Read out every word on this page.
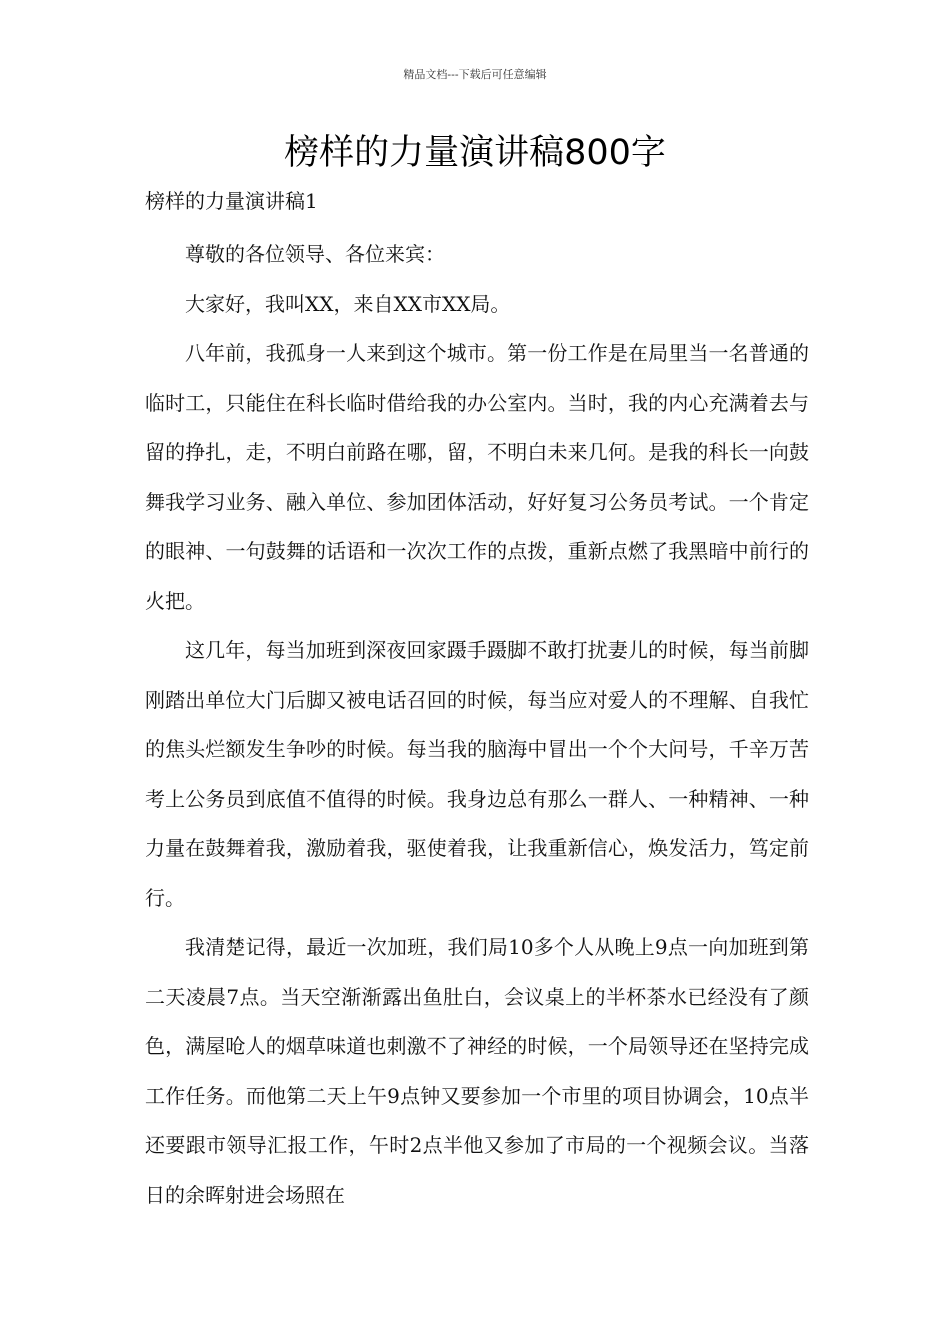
精品文档---下载后可任意编辑
榜样的力量演讲稿800字
榜样的力量演讲稿1

尊敬的各位领导、各位来宾：

大家好，我叫XX，来自XX市XX局。

八年前，我孤身一人来到这个城市。第一份工作是在局里当一名普通的临时工，只能住在科长临时借给我的办公室内。当时，我的内心充满着去与留的挣扎，走，不明白前路在哪，留，不明白未来几何。是我的科长一向鼓舞我学习业务、融入单位、参加团体活动，好好复习公务员考试。一个肯定的眼神、一句鼓舞的话语和一次次工作的点拨，重新点燃了我黑暗中前行的火把。

这几年，每当加班到深夜回家蹑手蹑脚不敢打扰妻儿的时候，每当前脚刚踏出单位大门后脚又被电话召回的时候，每当应对爱人的不理解、自我忙的焦头烂额发生争吵的时候。每当我的脑海中冒出一个个大问号，千辛万苦考上公务员到底值不值得的时候。我身边总有那么一群人、一种精神、一种力量在鼓舞着我，激励着我，驱使着我，让我重新信心，焕发活力，笃定前行。

我清楚记得，最近一次加班，我们局10多个人从晚上9点一向加班到第二天凌晨7点。当天空渐渐露出鱼肚白，会议桌上的半杯茶水已经没有了颜色，满屋呛人的烟草味道也刺激不了神经的时候，一个局领导还在坚持完成工作任务。而他第二天上午9点钟又要参加一个市里的项目协调会，10点半还要跟市领导汇报工作，午时2点半他又参加了市局的一个视频会议。当落日的余晖射进会场照在
